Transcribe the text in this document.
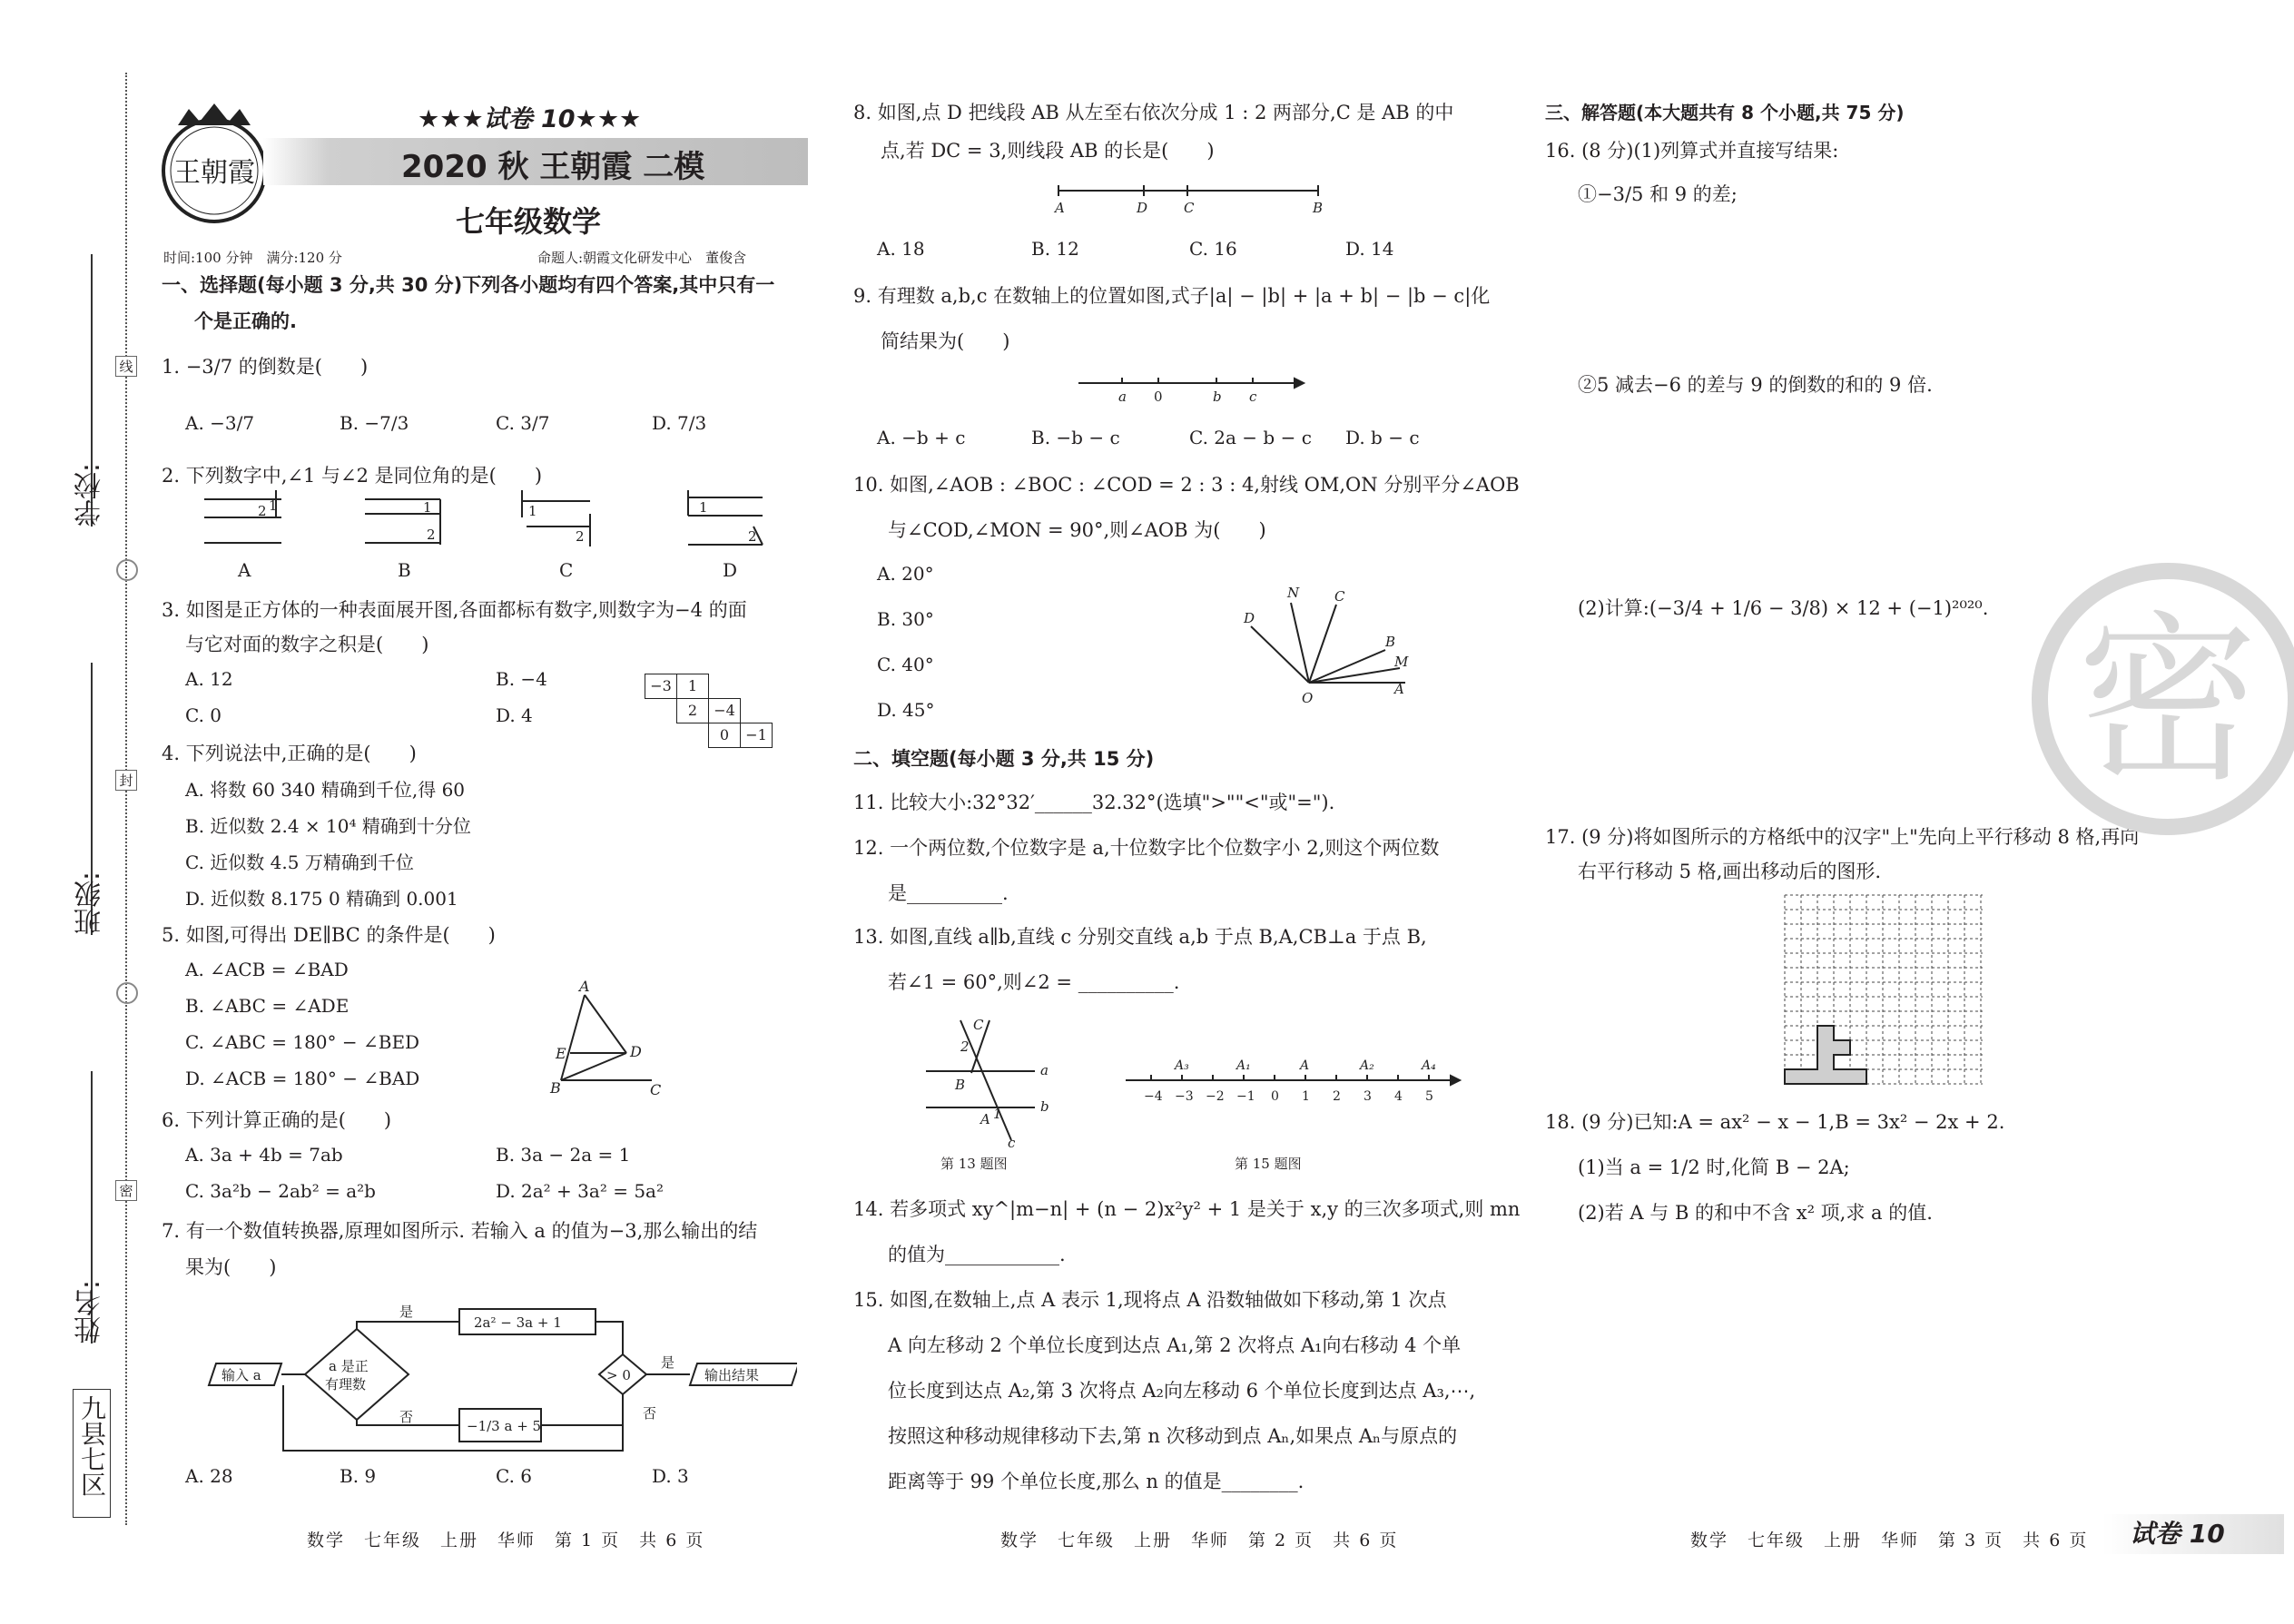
线
封
密
学校:
班级:
姓名:
九县七区
王朝霞
★★★试卷 10★★★
2020 秋 王朝霞 二模
七年级数学
时间:100 分钟　满分:120 分	命题人:朝霞文化研发中心　董俊含
一、选择题(每小题 3 分,共 30 分)下列各小题均有四个答案,其中只有一
个是正确的.
1. −3/7 的倒数是(　　)
A. −3/7	B. −7/3	C. 3/7	D. 7/3
2. 下列数字中,∠1 与∠2 是同位角的是(　　)
2 1	1
2
1
2
1
2
A	B	C	D
3. 如图是正方体的一种表面展开图,各面都标有数字,则数字为−4 的面
与它对面的数字之积是(　　)
A. 12	B. −4
C. 0	D. 4
−3	1
2	−4
0	−1
4. 下列说法中,正确的是(　　)
A. 将数 60 340 精确到千位,得 60
B. 近似数 2.4 × 10⁴ 精确到十分位
C. 近似数 4.5 万精确到千位
D. 近似数 8.175 0 精确到 0.001
5. 如图,可得出 DE∥BC 的条件是(　　)
A. ∠ACB = ∠BAD
B. ∠ABC = ∠ADE
C. ∠ABC = 180° − ∠BED
D. ∠ACB = 180° − ∠BAD
A
E	D
B	C
6. 下列计算正确的是(　　)
A. 3a + 4b = 7ab	B. 3a − 2a = 1
C. 3a²b − 2ab² = a²b	D. 2a² + 3a² = 5a²
7. 有一个数值转换器,原理如图所示. 若输入 a 的值为−3,那么输出的结
果为(　　)
输入 a
a 是正
有理数
是
否
2a² − 3a + 1
−1/3 a + 5
> 0
是
否
输出结果
A. 28	B. 9	C. 6	D. 3
8. 如图,点 D 把线段 AB 从左至右依次分成 1 : 2 两部分,C 是 AB 的中
点,若 DC = 3,则线段 AB 的长是(　　)
A	D	C	B
A. 18	B. 12	C. 16	D. 14
9. 有理数 a,b,c 在数轴上的位置如图,式子|a| − |b| + |a + b| − |b − c|化
简结果为(　　)
a 0	b c
A. −b + c	B. −b − c	C. 2a − b − c D. b − c
10. 如图,∠AOB : ∠BOC : ∠COD = 2 : 3 : 4,射线 OM,ON 分别平分∠AOB
与∠COD,∠MON = 90°,则∠AOB 为(　　)
A. 20°
B. 30°
C. 40°
D. 45°
N	C
D
B
M
A
O
二、填空题(每小题 3 分,共 15 分)
11. 比较大小:32°32′______32.32°(选填">""<"或"=").
12. 一个两位数,个位数字是 a,十位数字比个位数字小 2,则这个两位数
是__________.
13. 如图,直线 a∥b,直线 c 分别交直线 a,b 于点 B,A,CB⊥a 于点 B,
若∠1 = 60°,则∠2 = __________.
C
2
B
A 1
a
b
c
第 13 题图
−4 −3 −2 −1 0 1 2 3 4 5
A₃	A₁	A	A₂	A₄
第 15 题图
14. 若多项式 xy^|m−n| + (n − 2)x²y² + 1 是关于 x,y 的三次多项式,则 mn
的值为____________.
15. 如图,在数轴上,点 A 表示 1,现将点 A 沿数轴做如下移动,第 1 次点
A 向左移动 2 个单位长度到达点 A₁,第 2 次将点 A₁向右移动 4 个单
位长度到达点 A₂,第 3 次将点 A₂向左移动 6 个单位长度到达点 A₃,⋯,
按照这种移动规律移动下去,第 n 次移动到点 Aₙ,如果点 Aₙ与原点的
距离等于 99 个单位长度,那么 n 的值是________.
三、解答题(本大题共有 8 个小题,共 75 分)
16. (8 分)(1)列算式并直接写结果:
①−3/5 和 9 的差;
②5 减去−6 的差与 9 的倒数的和的 9 倍.
(2)计算:(−3/4 + 1/6 − 3/8) × 12 + (−1)²⁰²⁰.
17. (9 分)将如图所示的方格纸中的汉字"上"先向上平行移动 8 格,再向
右平行移动 5 格,画出移动后的图形.
18. (9 分)已知:A = ax² − x − 1,B = 3x² − 2x + 2.
(1)当 a = 1/2 时,化简 B − 2A;
(2)若 A 与 B 的和中不含 x² 项,求 a 的值.
密
数学　七年级　上册　华师　第 1 页　共 6 页	数学　七年级　上册　华师　第 2 页　共 6 页	数学　七年级　上册　华师　第 3 页　共 6 页 试卷 10
